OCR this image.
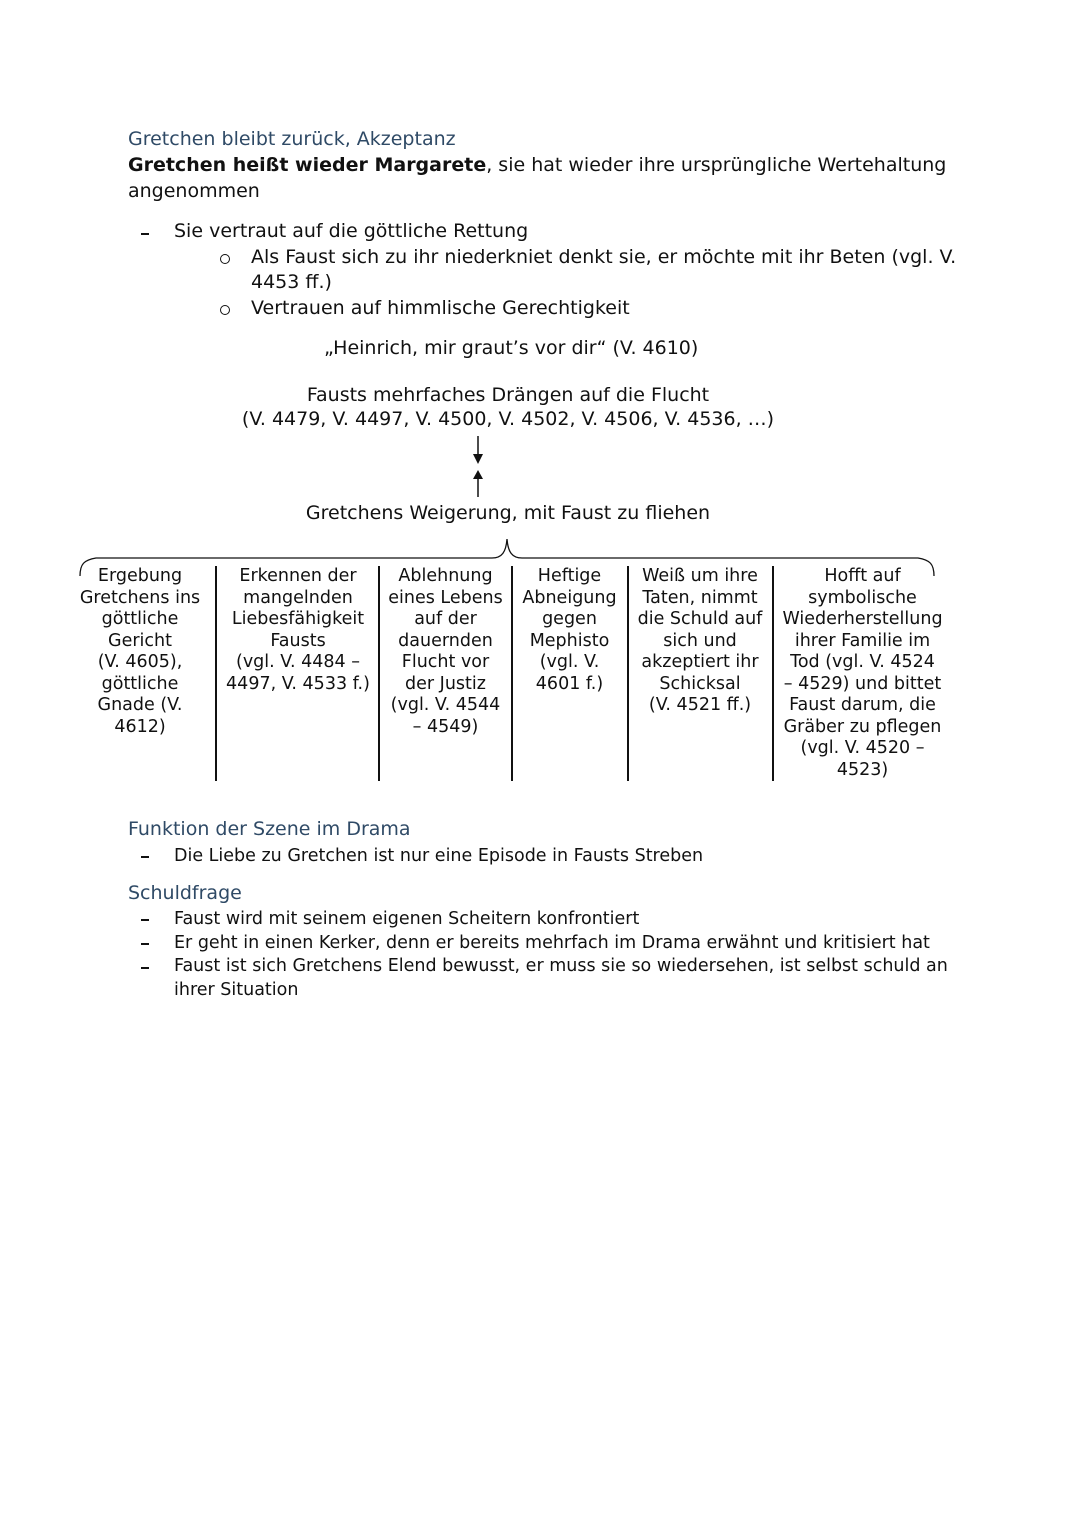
Gretchen bleibt zurück, Akzeptanz
Gretchen heißt wieder Margarete, sie hat wieder ihre ursprüngliche Wertehaltung
angenommen
Sie vertraut auf die göttliche Rettung
Als Faust sich zu ihr niederkniet denkt sie, er möchte mit ihr Beten (vgl. V.
4453 ff.)
Vertrauen auf himmlische Gerechtigkeit
„Heinrich, mir graut’s vor dir“ (V. 4610)
Fausts mehrfaches Drängen auf die Flucht
(V. 4479, V. 4497, V. 4500, V. 4502, V. 4506, V. 4536, …)
Gretchens Weigerung, mit Faust zu fliehen
Ergebung
Gretchens ins
göttliche
Gericht
(V. 4605),
göttliche
Gnade (V.
4612)
Erkennen der
mangelnden
Liebesfähigkeit
Fausts
(vgl. V. 4484 –
4497, V. 4533 f.)
Ablehnung
eines Lebens
auf der
dauernden
Flucht vor
der Justiz
(vgl. V. 4544
– 4549)
Heftige
Abneigung
gegen
Mephisto
(vgl. V.
4601 f.)
Weiß um ihre
Taten, nimmt
die Schuld auf
sich und
akzeptiert ihr
Schicksal
(V. 4521 ff.)
Hofft auf
symbolische
Wiederherstellung
ihrer Familie im
Tod (vgl. V. 4524
– 4529) und bittet
Faust darum, die
Gräber zu pflegen
(vgl. V. 4520 –
4523)
Funktion der Szene im Drama
Die Liebe zu Gretchen ist nur eine Episode in Fausts Streben
Schuldfrage
Faust wird mit seinem eigenen Scheitern konfrontiert
Er geht in einen Kerker, denn er bereits mehrfach im Drama erwähnt und kritisiert hat
Faust ist sich Gretchens Elend bewusst, er muss sie so wiedersehen, ist selbst schuld an
ihrer Situation
